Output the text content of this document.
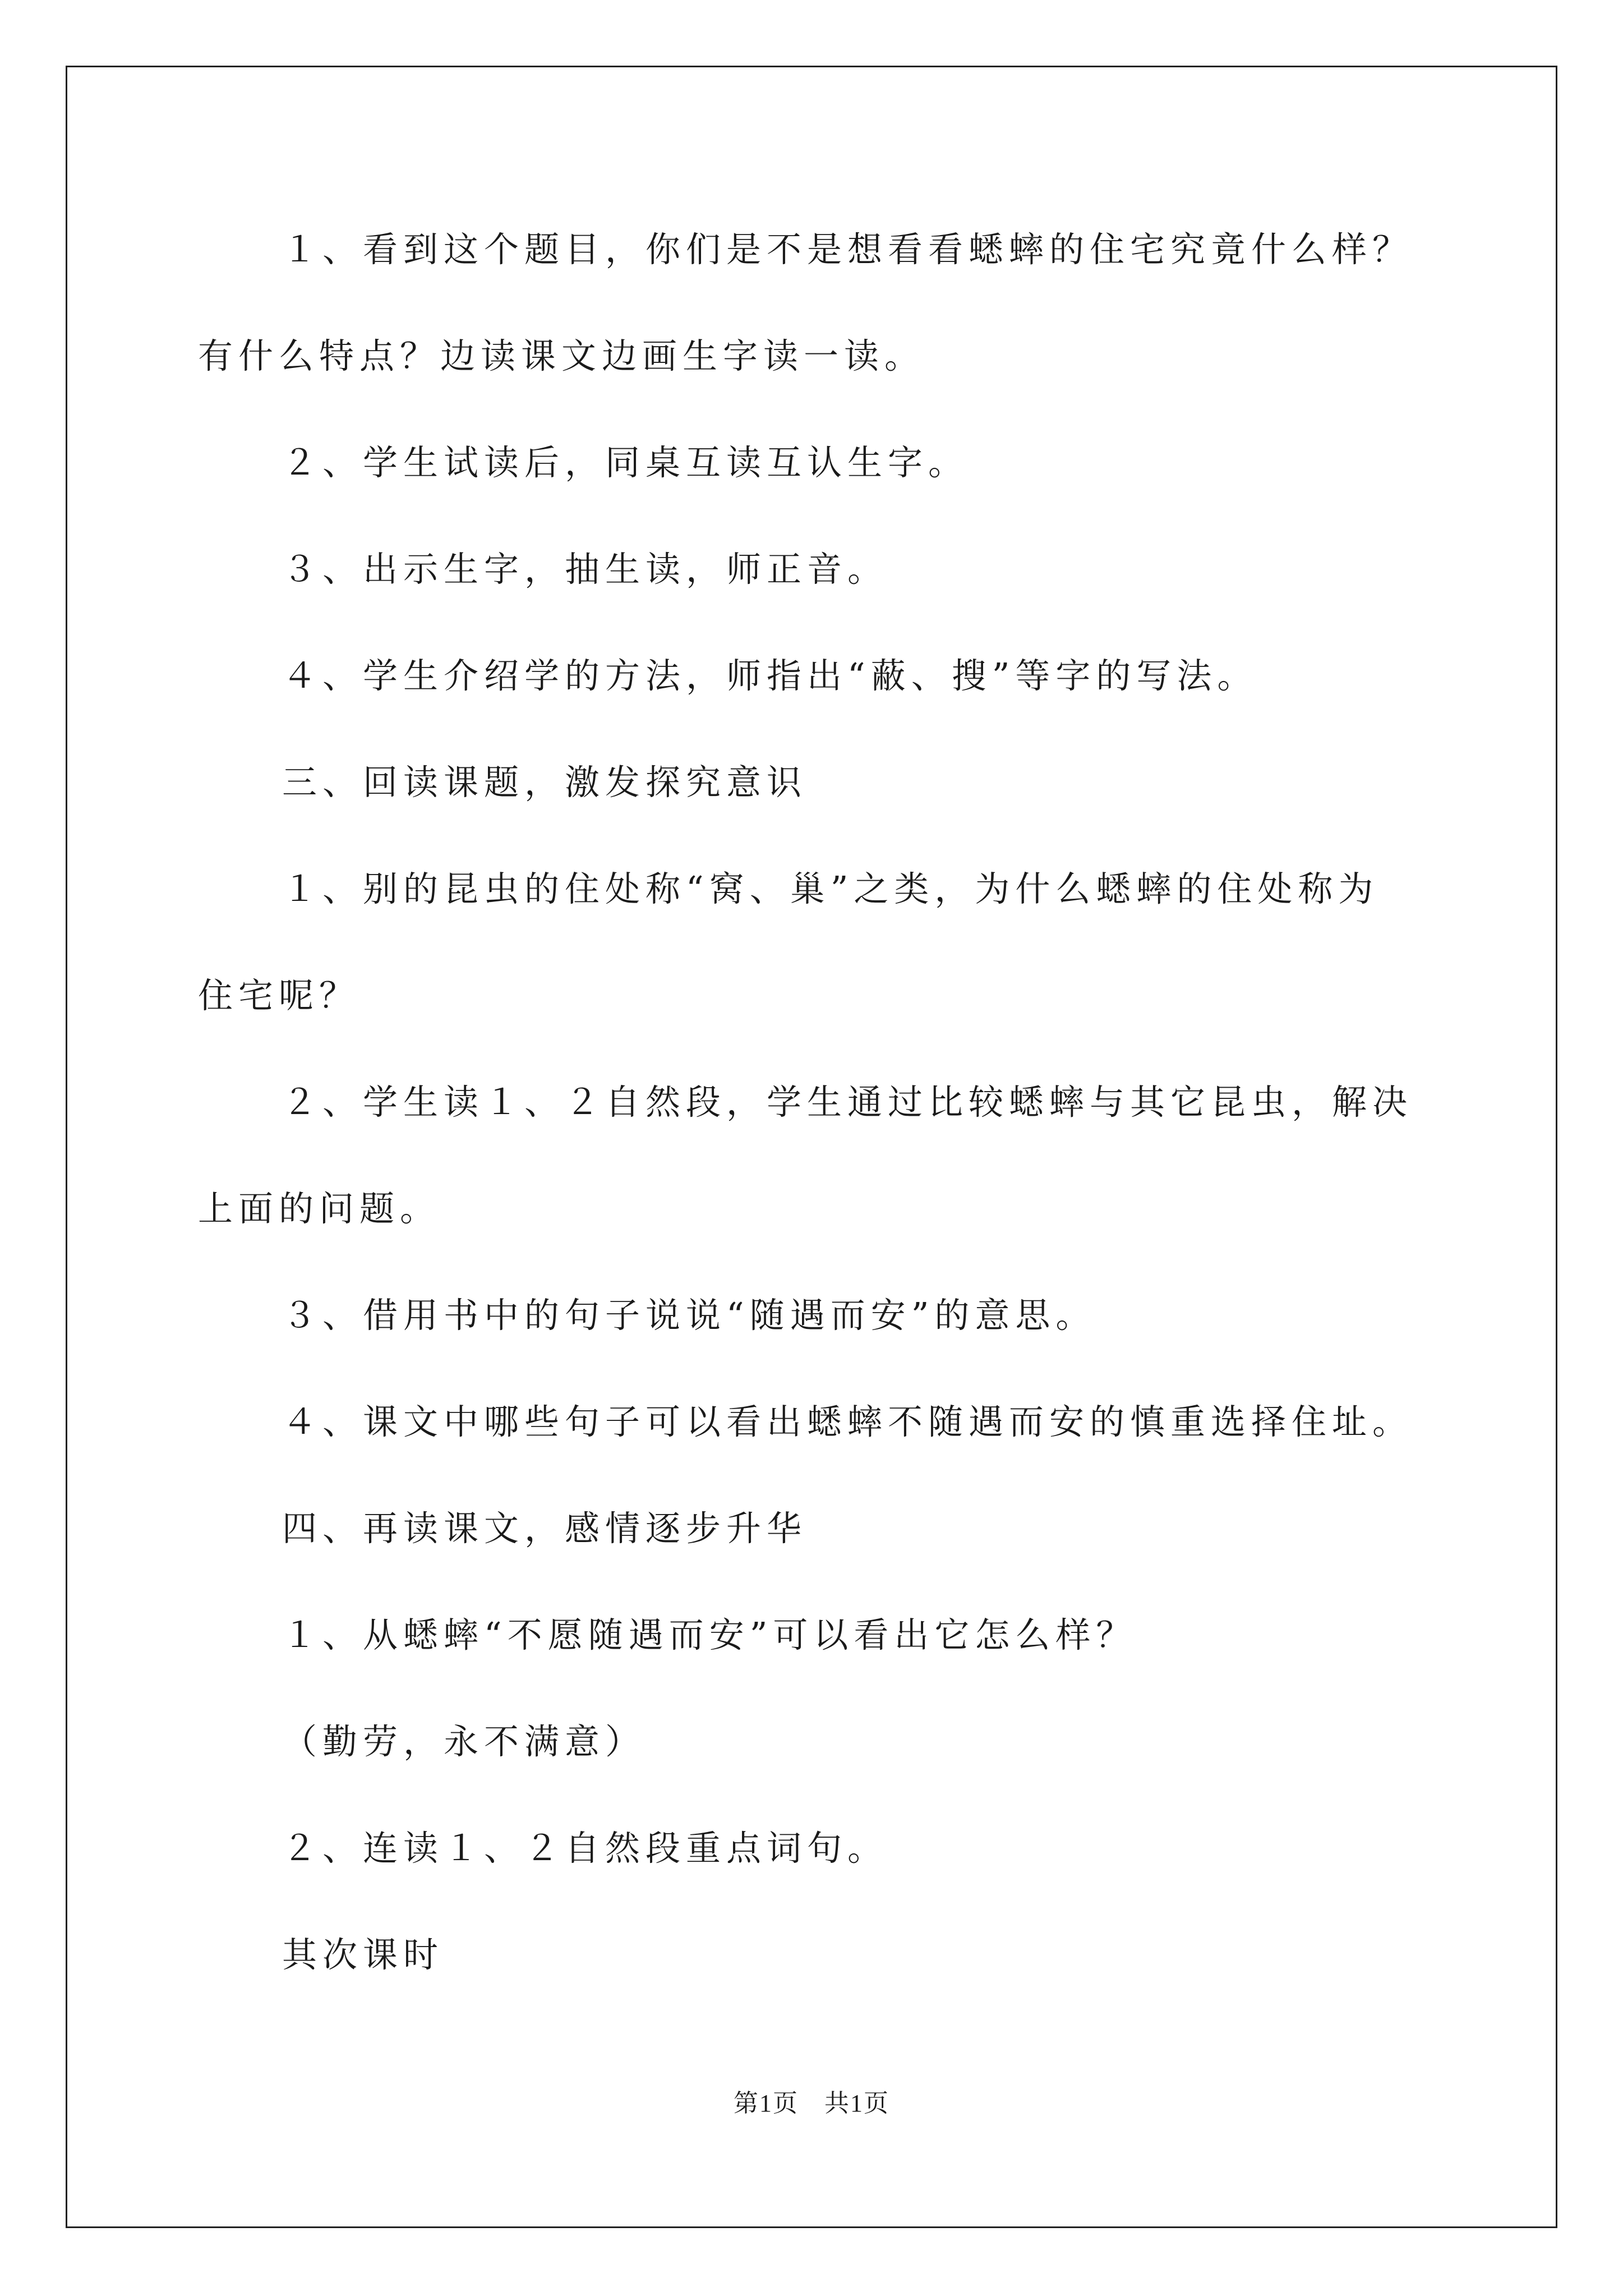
１、看到这个题目，你们是不是想看看蟋蟀的住宅究竟什么样？
有什么特点？边读课文边画生字读一读。
２、学生试读后，同桌互读互认生字。
３、出示生字，抽生读，师正音。
４、学生介绍学的方法，师指出“蔽、搜”等字的写法。
三、回读课题，激发探究意识
１、别的昆虫的住处称“窝、巢”之类，为什么蟋蟀的住处称为
住宅呢？
２、学生读１、２自然段，学生通过比较蟋蟀与其它昆虫，解决
上面的问题。
３、借用书中的句子说说“随遇而安”的意思。
４、课文中哪些句子可以看出蟋蟀不随遇而安的慎重选择住址。
四、再读课文，感情逐步升华
１、从蟋蟀“不愿随遇而安”可以看出它怎么样？
（勤劳，永不满意）
２、连读１、２自然段重点词句。
其次课时
第1页　共1页
